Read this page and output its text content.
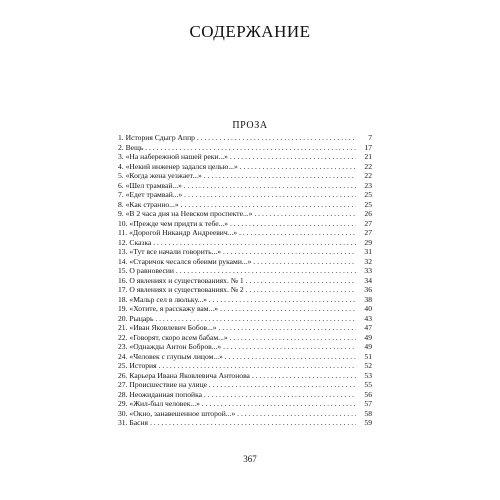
СОДЕРЖАНИЕ
ПРОЗА
1. История Сдыгр Аппр . . .	7
2. Вещь . . .	17
3. «На набережной нашей реки...» . . .	21
4. «Некий инженер задался целью...» . . .	22
5. «Когда жена уезжает...» . . .	22
6. «Шел трамвай...» . . .	23
7. «Едет трамвай...» . . .	25
8. «Как странно...» . . .	25
9. «В 2 часа дня на Невском проспекте...» . . .	26
10. «Прежде чем придти к тебе...» . . .	27
11. «Дорогой Никандр Андреевич...» . . .	27
12. Сказка . . .	29
13. «Тут все начали говорить...» . . .	31
14. «Старичок чесался обеими руками...» . . .	32
15. О равновесии . . .	33
16. О явлениях и существованиях. № 1 . . .	34
17. О явлениях и существованиях. № 2 . . .	36
18. «Мальр сел в люльку...» . . .	38
19. «Хотите, я расскажу вам...» . . .	40
20. Рыцарь . . .	43
21. «Иван Яковлевич Бобов...» . . .	47
22. «Говорят, скоро всем бабам...» . . .	49
23. «Однажды Антон Бобров...» . . .	49
24. «Человек с глупым лицом...» . . .	51
25. История . . .	52
26. Карьера Ивана Яковлевича Антонова . . .	53
27. Происшествие на улице . . .	55
28. Неожиданная попойка . . .	56
29. «Жил-был человек...» . . .	57
30. «Окно, занавешенное шторой...» . . .	58
31. Басня . . .	59
367
